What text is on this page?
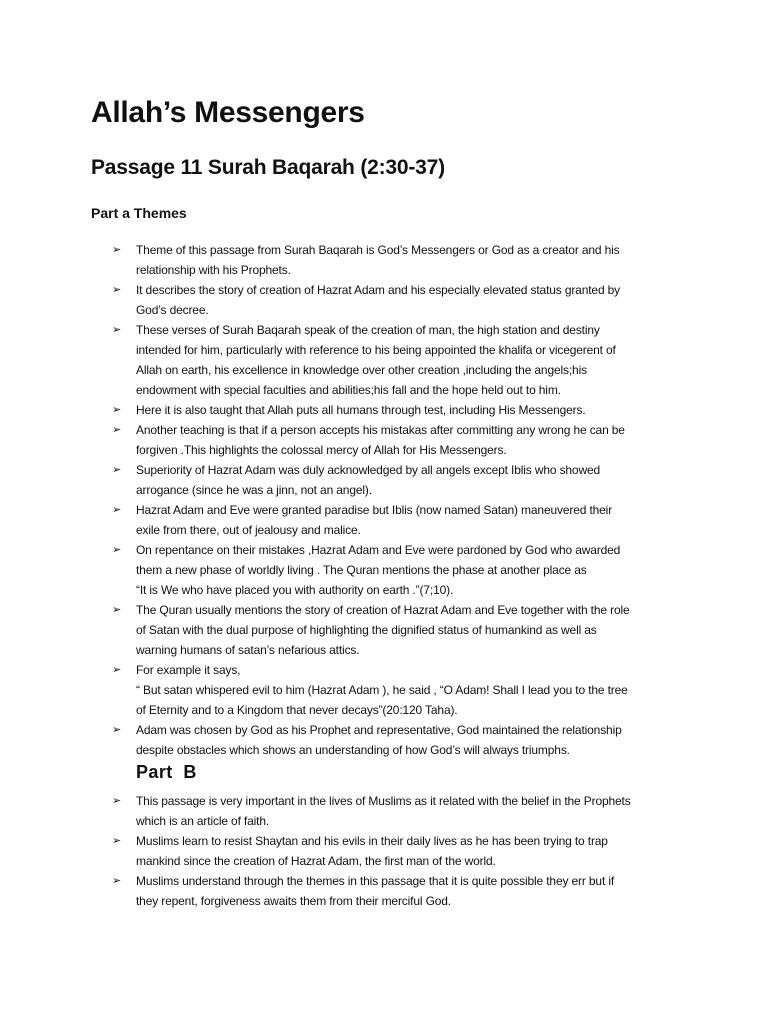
Allah’s Messengers
Passage 11 Surah Baqarah (2:30-37)
Part a Themes
➢ Theme of this passage from Surah Baqarah is God’s Messengers or God as a creator and his
relationship with his Prophets.
➢ It describes the story of creation of Hazrat Adam and his especially elevated status granted by
God’s decree.
➢ These verses of Surah Baqarah speak of the creation of man, the high station and destiny
intended for him, particularly with reference to his being appointed the khalifa or vicegerent of
Allah on earth, his excellence in knowledge over other creation ,including the angels;his
endowment with special faculties and abilities;his fall and the hope held out to him.
➢ Here it is also taught that Allah puts all humans through test, including His Messengers.
➢ Another teaching is that if a person accepts his mistakas after committing any wrong he can be
forgiven .This highlights the colossal mercy of Allah for His Messengers.
➢ Superiority of Hazrat Adam was duly acknowledged by all angels except Iblis who showed
arrogance (since he was a jinn, not an angel).
➢ Hazrat Adam and Eve were granted paradise but Iblis (now named Satan) maneuvered their
exile from there, out of jealousy and malice.
➢ On repentance on their mistakes ,Hazrat Adam and Eve were pardoned by God who awarded
them a new phase of worldly living . The Quran mentions the phase at another place as
“It is We who have placed you with authority on earth .”(7;10).
➢ The Quran usually mentions the story of creation of Hazrat Adam and Eve together with the role
of Satan with the dual purpose of highlighting the dignified status of humankind as well as
warning humans of satan’s nefarious attics.
➢ For example it says,
“ But satan whispered evil to him (Hazrat Adam ), he said , “O Adam! Shall I lead you to the tree
of Eternity and to a Kingdom that never decays”(20:120 Taha).
➢ Adam was chosen by God as his Prophet and representative, God maintained the relationship
despite obstacles which shows an understanding of how God’s will always triumphs.
Part  B
➢ This passage is very important in the lives of Muslims as it related with the belief in the Prophets
which is an article of faith.
➢ Muslims learn to resist Shaytan and his evils in their daily lives as he has been trying to trap
mankind since the creation of Hazrat Adam, the first man of the world.
➢ Muslims understand through the themes in this passage that it is quite possible they err but if
they repent, forgiveness awaits them from their merciful God.
